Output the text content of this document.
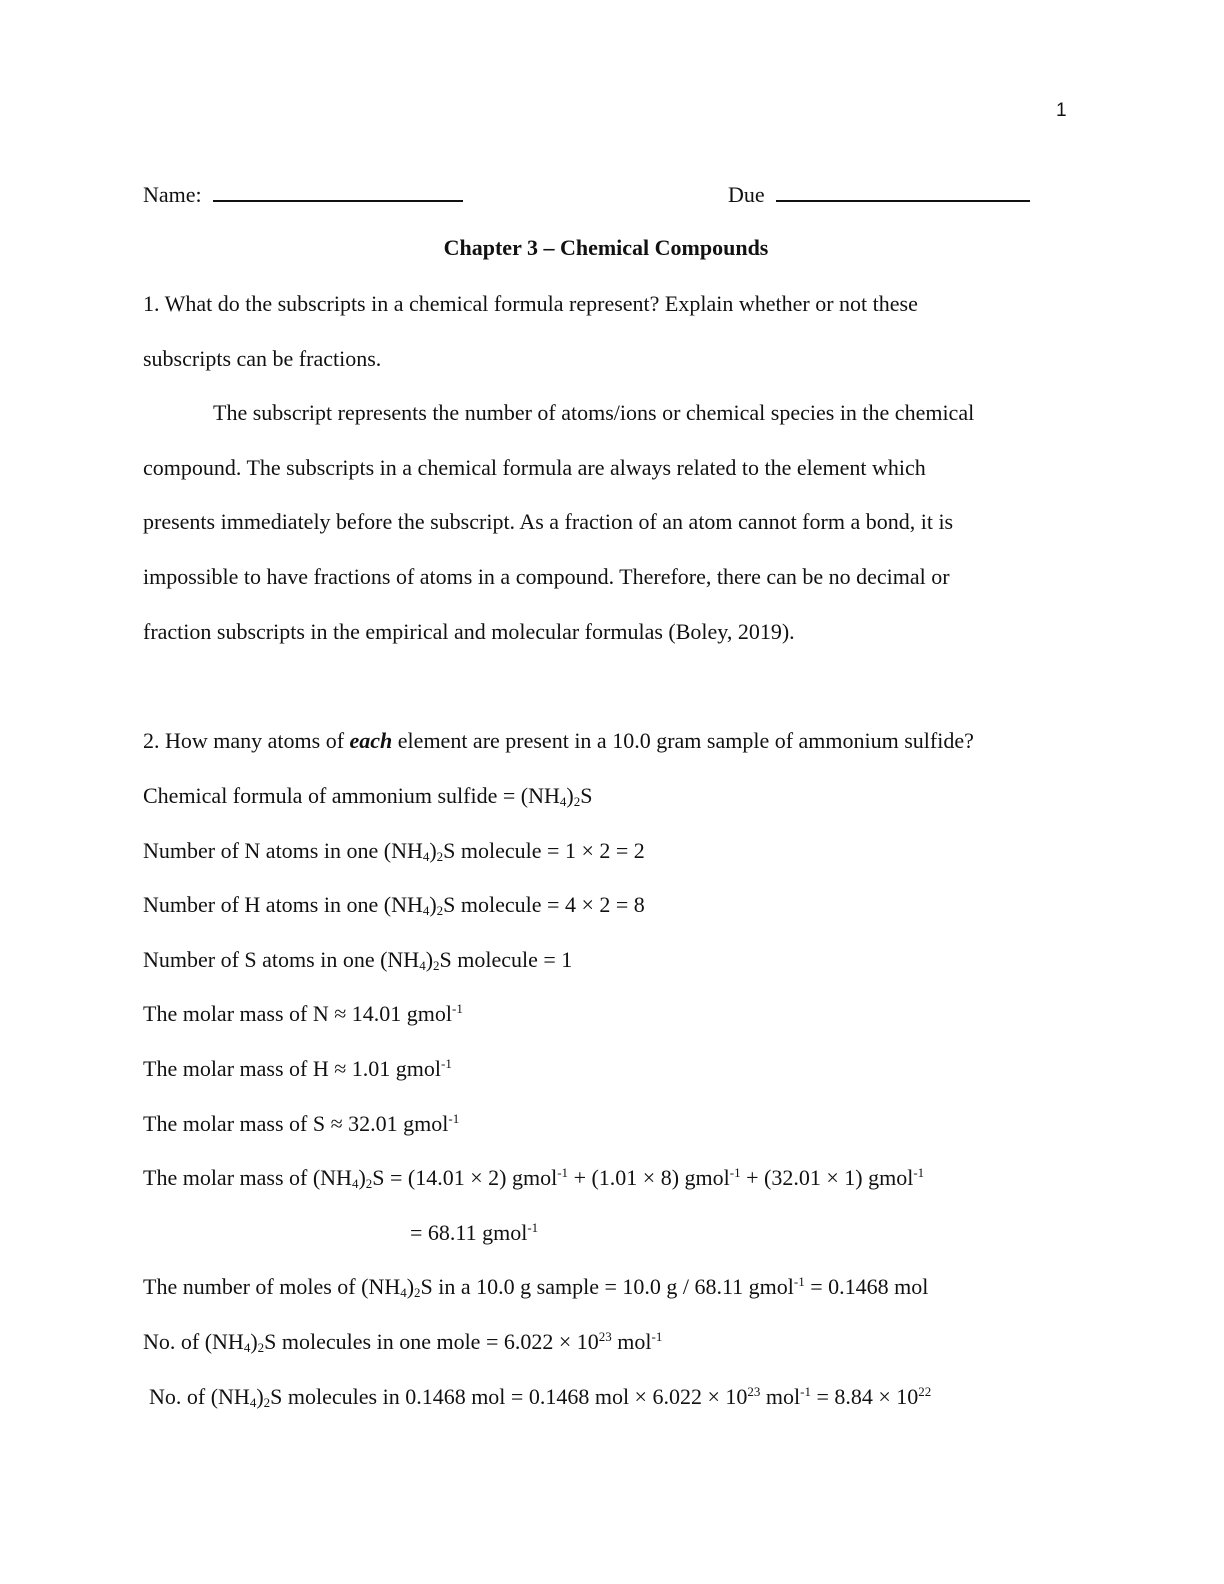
1
Name:	Due
Chapter 3 – Chemical Compounds
1. What do the subscripts in a chemical formula represent? Explain whether or not these
subscripts can be fractions.
The subscript represents the number of atoms/ions or chemical species in the chemical
compound. The subscripts in a chemical formula are always related to the element which
presents immediately before the subscript. As a fraction of an atom cannot form a bond, it is
impossible to have fractions of atoms in a compound. Therefore, there can be no decimal or
fraction subscripts in the empirical and molecular formulas (Boley, 2019).
2. How many atoms of each element are present in a 10.0 gram sample of ammonium sulfide?
Chemical formula of ammonium sulfide = $(NH_4)_2S$
Number of N atoms in one $(NH_4)_2S$ molecule = 1 × 2 = 2
Number of H atoms in one $(NH_4)_2S$ molecule = 4 × 2 = 8
Number of S atoms in one $(NH_4)_2S$ molecule = 1
The molar mass of N ≈ 14.01 gmol$^{-1}$
The molar mass of H ≈ 1.01 gmol$^{-1}$
The molar mass of S ≈ 32.01 gmol$^{-1}$
The molar mass of $(NH_4)_2S = (14.01 \times 2)$ gmol$^{-1}$ + (1.01 × 8) gmol$^{-1}$ + (32.01 × 1) gmol$^{-1}$
= 68.11 gmol$^{-1}$
The number of moles of $(NH_4)_2S$ in a 10.0 g sample = 10.0 g / 68.11 gmol$^{-1}$ = 0.1468 mol
No. of $(NH_4)_2S$ molecules in one mole = $6.022 \times 10^{23}$ mol$^{-1}$
No. of $(NH_4)_2S$ molecules in 0.1468 mol = 0.1468 mol × $6.022 \times 10^{23}$ $mol^{-1} = 8.84 \times 10^{22}$
